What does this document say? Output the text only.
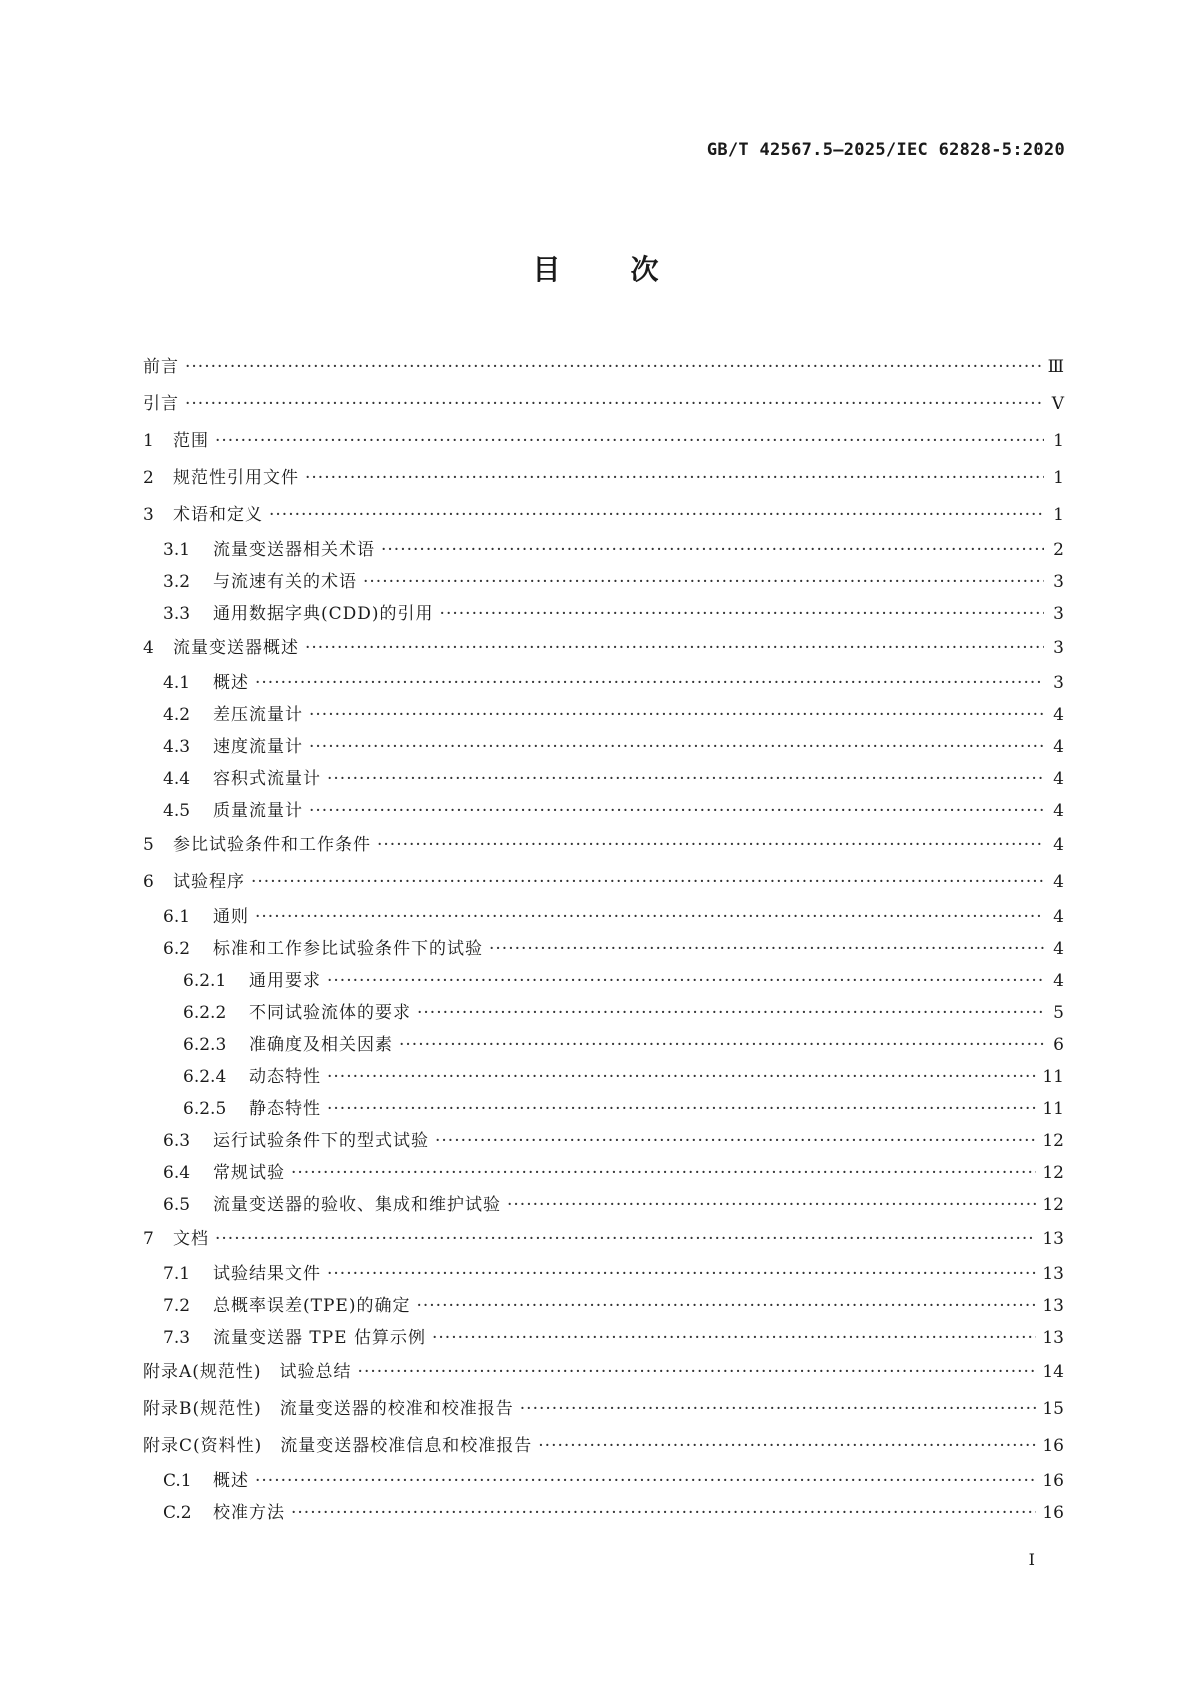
GB/T 42567.5—2025/IEC 62828-5:2020
目次
前言 ·····	Ⅲ
引言 ·····	Ⅴ
1	范围 ·····	1
2	规范性引用文件 ·····	1
3	术语和定义 ·····	1
3.1	流量变送器相关术语 ·····	2
3.2	与流速有关的术语 ·····	3
3.3	通用数据字典(CDD)的引用 ·····	3
4	流量变送器概述 ·····	3
4.1	概述 ·····	3
4.2	差压流量计 ·····	4
4.3	速度流量计 ·····	4
4.4	容积式流量计 ·····	4
4.5	质量流量计 ·····	4
5	参比试验条件和工作条件 ·····	4
6	试验程序 ·····	4
6.1	通则 ·····	4
6.2	标准和工作参比试验条件下的试验 ·····	4
6.2.1	通用要求 ·····	4
6.2.2	不同试验流体的要求 ·····	5
6.2.3	准确度及相关因素 ·····	6
6.2.4	动态特性 ·····	11
6.2.5	静态特性 ·····	11
6.3	运行试验条件下的型式试验 ·····	12
6.4	常规试验 ·····	12
6.5	流量变送器的验收、集成和维护试验 ·····	12
7	文档 ·····	13
7.1	试验结果文件 ·····	13
7.2	总概率误差(TPE)的确定 ·····	13
7.3	流量变送器 TPE 估算示例 ·····	13
附录A(规范性)　试验总结 ·····	14
附录B(规范性)　流量变送器的校准和校准报告 ·····	15
附录C(资料性)　流量变送器校准信息和校准报告 ·····	16
C.1	概述 ·····	16
C.2	校准方法 ·····	16
I
